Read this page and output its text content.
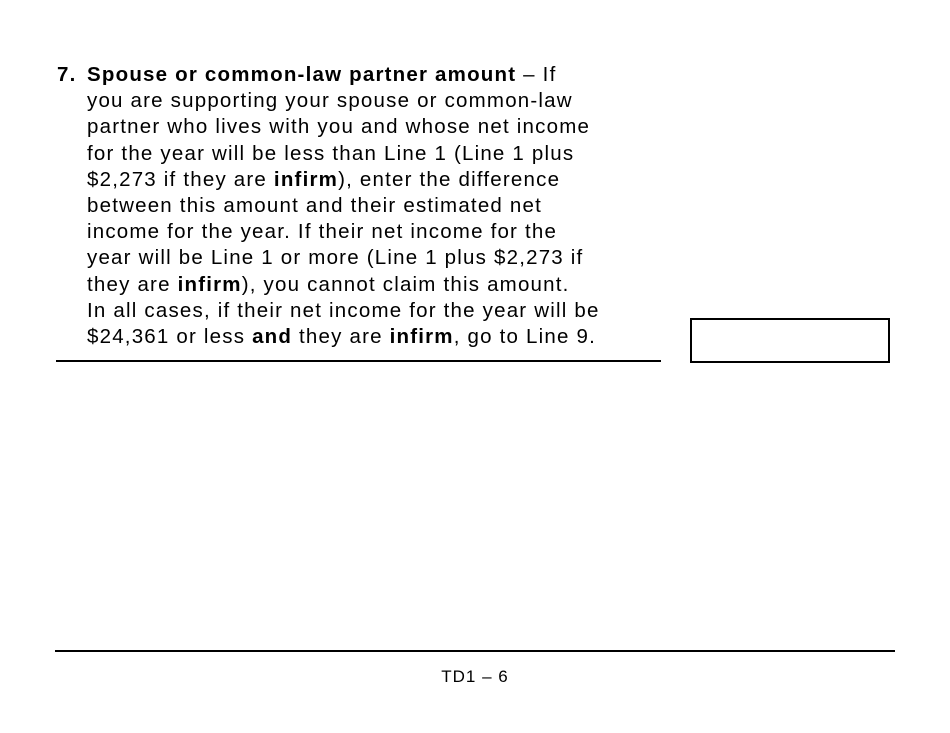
7. Spouse or common-law partner amount – If
you are supporting your spouse or common-law
partner who lives with you and whose net income
for the year will be less than Line 1 (Line 1 plus
$2,273 if they are infirm), enter the difference
between this amount and their estimated net
income for the year. If their net income for the
year will be Line 1 or more (Line 1 plus $2,273 if
they are infirm), you cannot claim this amount.
In all cases, if their net income for the year will be
$24,361 or less and they are infirm, go to Line 9.
TD1 – 6
